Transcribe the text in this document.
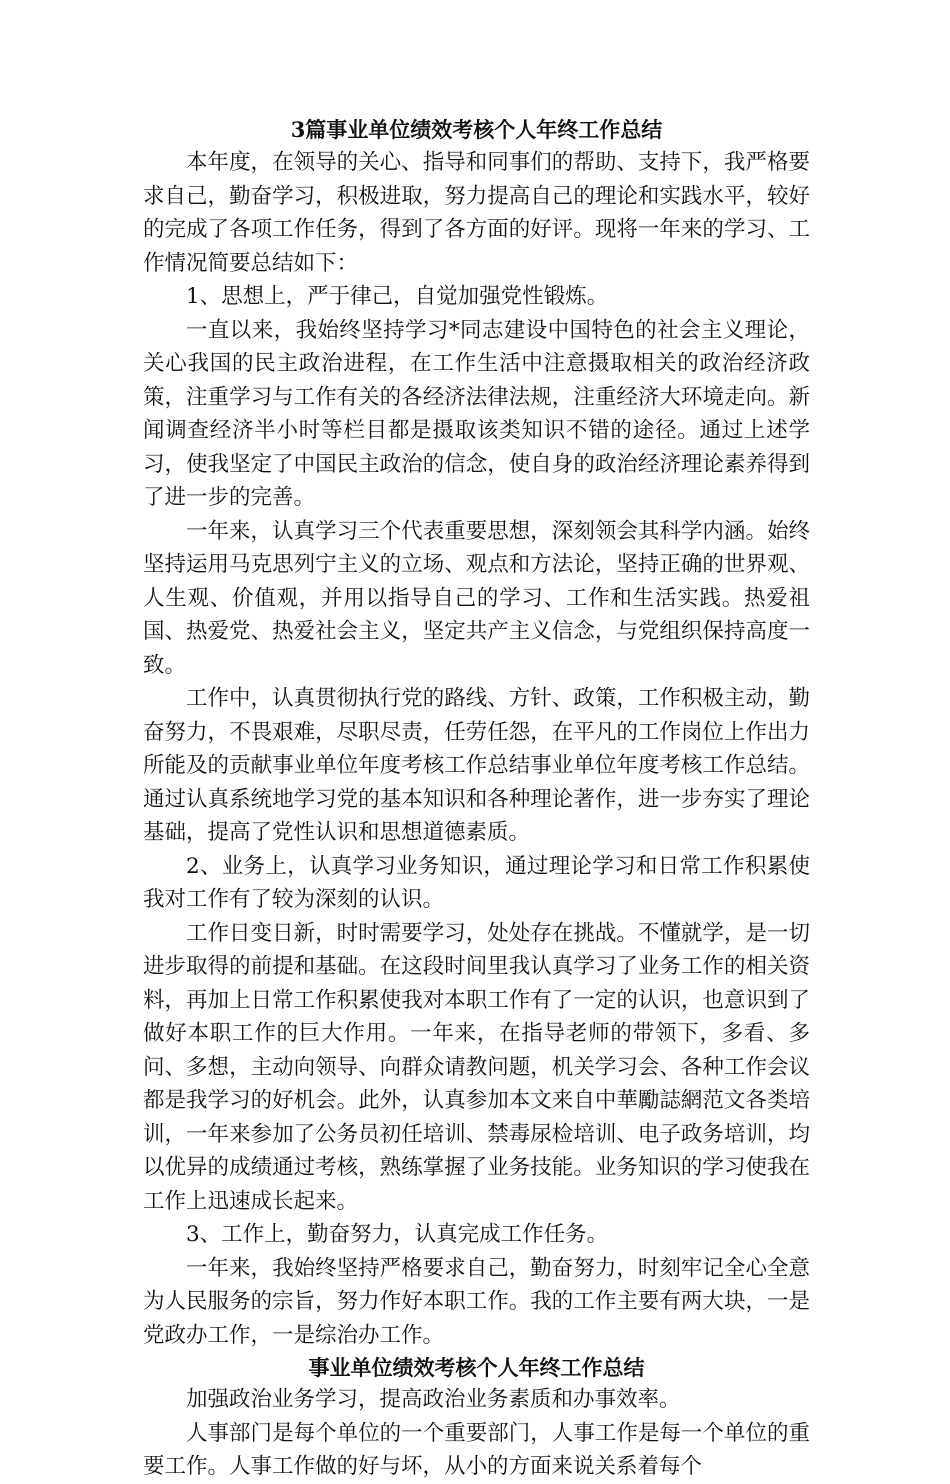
3篇事业单位绩效考核个人年终工作总结

本年度，在领导的关心、指导和同事们的帮助、支持下，我严格要求自己，勤奋学习，积极进取，努力提高自己的理论和实践水平，较好的完成了各项工作任务，得到了各方面的好评。现将一年来的学习、工作情况简要总结如下：

1、思想上，严于律己，自觉加强党性锻炼。

一直以来，我始终坚持学习*同志建设中国特色的社会主义理论，关心我国的民主政治进程，在工作生活中注意摄取相关的政治经济政策，注重学习与工作有关的各经济法律法规，注重经济大环境走向。新闻调查经济半小时等栏目都是摄取该类知识不错的途径。通过上述学习，使我坚定了中国民主政治的信念，使自身的政治经济理论素养得到了进一步的完善。

一年来，认真学习三个代表重要思想，深刻领会其科学内涵。始终坚持运用马克思列宁主义的立场、观点和方法论，坚持正确的世界观、人生观、价值观，并用以指导自己的学习、工作和生活实践。热爱祖国、热爱党、热爱社会主义，坚定共产主义信念，与党组织保持高度一致。

工作中，认真贯彻执行党的路线、方针、政策，工作积极主动，勤奋努力，不畏艰难，尽职尽责，任劳任怨，在平凡的工作岗位上作出力所能及的贡献事业单位年度考核工作总结事业单位年度考核工作总结。通过认真系统地学习党的基本知识和各种理论著作，进一步夯实了理论基础，提高了党性认识和思想道德素质。

2、业务上，认真学习业务知识，通过理论学习和日常工作积累使我对工作有了较为深刻的认识。

工作日变日新，时时需要学习，处处存在挑战。不懂就学，是一切进步取得的前提和基础。在这段时间里我认真学习了业务工作的相关资料，再加上日常工作积累使我对本职工作有了一定的认识，也意识到了做好本职工作的巨大作用。一年来，在指导老师的带领下，多看、多问、多想，主动向领导、向群众请教问题，机关学习会、各种工作会议都是我学习的好机会。此外，认真参加本文来自中華勵誌網范文各类培训，一年来参加了公务员初任培训、禁毒尿检培训、电子政务培训，均以优异的成绩通过考核，熟练掌握了业务技能。业务知识的学习使我在工作上迅速成长起来。

3、工作上，勤奋努力，认真完成工作任务。

一年来，我始终坚持严格要求自己，勤奋努力，时刻牢记全心全意为人民服务的宗旨，努力作好本职工作。我的工作主要有两大块，一是党政办工作，一是综治办工作。

事业单位绩效考核个人年终工作总结

加强政治业务学习，提高政治业务素质和办事效率。

人事部门是每个单位的一个重要部门，人事工作是每一个单位的重要工作。人事工作做的好与坏，从小的方面来说关系着每个
